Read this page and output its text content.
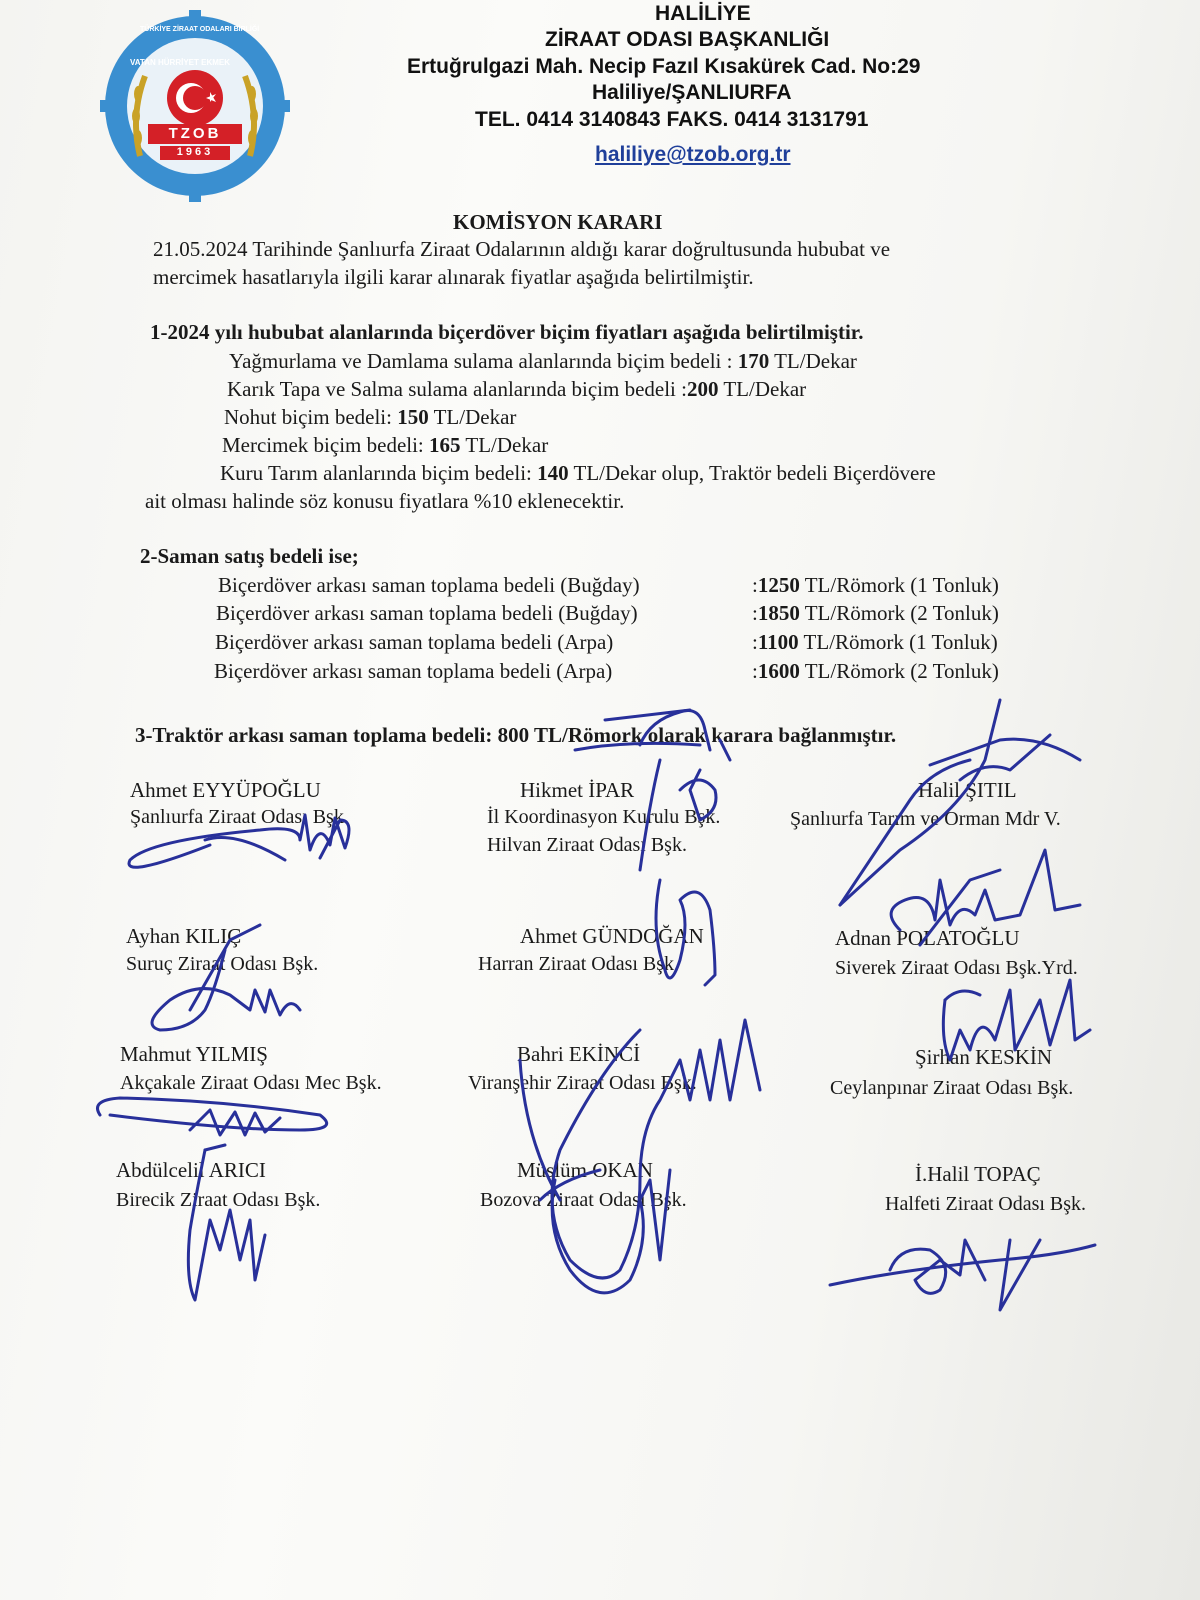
TÜRKİYE ZİRAAT ODALARI BİRLİĞİ
VATAN HÜRRİYET EKMEK
TZOB
1963
HALİLİYE
ZİRAAT ODASI BAŞKANLIĞI
Ertuğrulgazi Mah. Necip Fazıl Kısakürek Cad. No:29
Haliliye/ŞANLIURFA
TEL. 0414 3140843 FAKS. 0414 3131791
haliliye@tzob.org.tr
KOMİSYON KARARI
21.05.2024 Tarihinde Şanlıurfa Ziraat Odalarının aldığı karar doğrultusunda hububat ve
mercimek hasatlarıyla ilgili karar alınarak fiyatlar aşağıda belirtilmiştir.
1-2024 yılı hububat alanlarında biçerdöver biçim fiyatları aşağıda belirtilmiştir.
Yağmurlama ve Damlama sulama alanlarında biçim bedeli : 170 TL/Dekar
Karık Tapa ve Salma sulama alanlarında biçim bedeli :200 TL/Dekar
Nohut biçim bedeli: 150 TL/Dekar
Mercimek biçim bedeli: 165 TL/Dekar
Kuru Tarım alanlarında biçim bedeli: 140 TL/Dekar olup, Traktör bedeli Biçerdövere
ait olması halinde söz konusu fiyatlara %10 eklenecektir.
2-Saman satış bedeli ise;
Biçerdöver arkası saman toplama bedeli (Buğday)	:1250 TL/Römork (1 Tonluk)
Biçerdöver arkası saman toplama bedeli (Buğday)	:1850 TL/Römork (2 Tonluk)
Biçerdöver arkası saman toplama bedeli (Arpa)	:1100 TL/Römork (1 Tonluk)
Biçerdöver arkası saman toplama bedeli (Arpa)	:1600 TL/Römork (2 Tonluk)
3-Traktör arkası saman toplama bedeli: 800 TL/Römork olarak karara bağlanmıştır.
Ahmet EYYÜPOĞLU
Şanlıurfa Ziraat Odası Bşk.
Hikmet İPAR
İl Koordinasyon Kurulu Bşk.
Hilvan Ziraat Odası Bşk.
Halil ŞITIL
Şanlıurfa Tarım ve Orman Mdr V.
Ayhan KILIÇ
Suruç Ziraat Odası Bşk.
Ahmet GÜNDOĞAN
Harran Ziraat Odası Bşk.
Adnan POLATOĞLU
Siverek Ziraat Odası Bşk.Yrd.
Mahmut YILMIŞ
Akçakale Ziraat Odası Mec Bşk.
Bahri EKİNCİ
Viranşehir Ziraat Odası Bşk.
Şirhan KESKİN
Ceylanpınar Ziraat Odası Bşk.
Abdülcelil ARICI
Birecik Ziraat Odası Bşk.
Müslüm OKAN
Bozova Ziraat Odası Bşk.
İ.Halil TOPAÇ
Halfeti Ziraat Odası Bşk.
